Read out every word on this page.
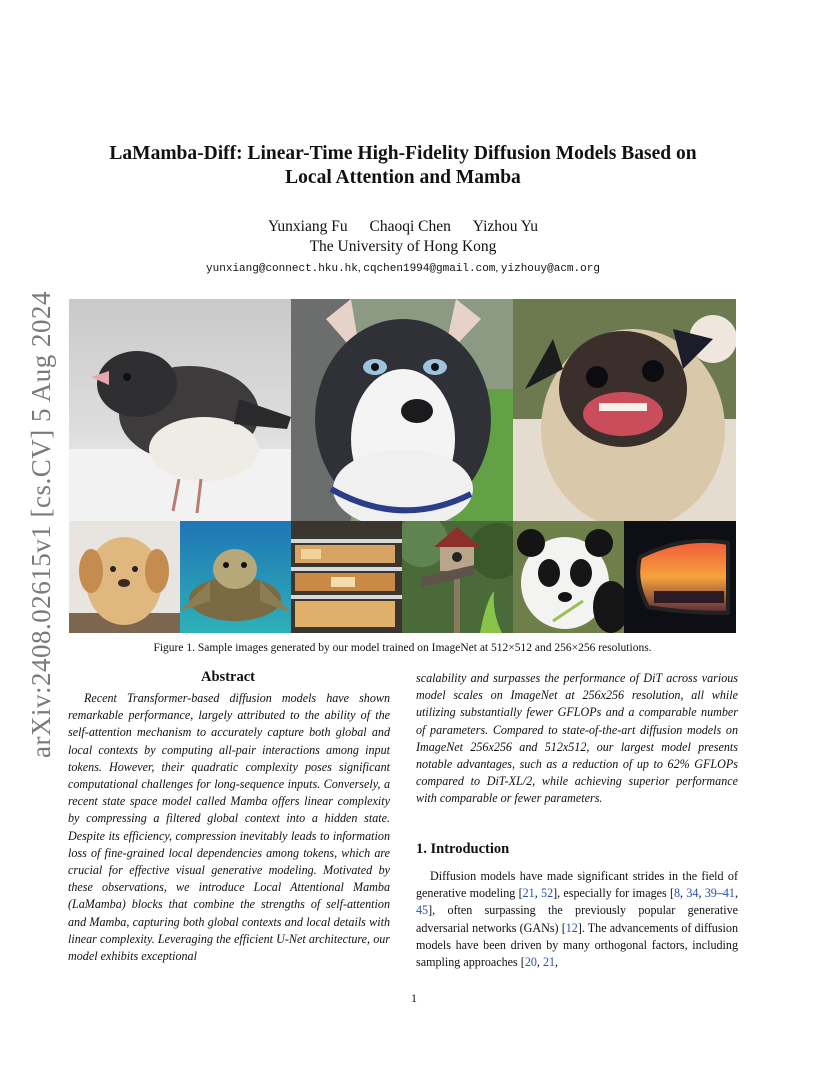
arXiv:2408.02615v1 [cs.CV] 5 Aug 2024
LaMamba-Diff: Linear-Time High-Fidelity Diffusion Models Based on
Local Attention and Mamba
Yunxiang Fu Chaoqi Chen Yizhou Yu
The University of Hong Kong
yunxiang@connect.hku.hk, cqchen1994@gmail.com, yizhouy@acm.org
Figure 1. Sample images generated by our model trained on ImageNet at 512×512 and 256×256 resolutions.
Abstract

Recent Transformer-based diffusion models have shown remarkable performance, largely attributed to the ability of the self-attention mechanism to accurately capture both global and local contexts by computing all-pair interactions among input tokens. However, their quadratic complexity poses significant computational challenges for long-sequence inputs. Conversely, a recent state space model called Mamba offers linear complexity by compressing a filtered global context into a hidden state. Despite its efficiency, compression inevitably leads to information loss of fine-grained local dependencies among tokens, which are crucial for effective visual generative modeling. Motivated by these observations, we introduce Local Attentional Mamba (LaMamba) blocks that combine the strengths of self-attention and Mamba, capturing both global contexts and local details with linear complexity. Leveraging the efficient U-Net architecture, our model exhibits exceptional

scalability and surpasses the performance of DiT across various model scales on ImageNet at 256x256 resolution, all while utilizing substantially fewer GFLOPs and a comparable number of parameters. Compared to state-of-the-art diffusion models on ImageNet 256x256 and 512x512, our largest model presents notable advantages, such as a reduction of up to 62% GFLOPs compared to DiT-XL/2, while achieving superior performance with comparable or fewer parameters.

1. Introduction

Diffusion models have made significant strides in the field of generative modeling [21, 52], especially for images [8, 34, 39–41, 45], often surpassing the previously popular generative adversarial networks (GANs) [12]. The advancements of diffusion models have been driven by many orthogonal factors, including sampling approaches [20, 21,

1
